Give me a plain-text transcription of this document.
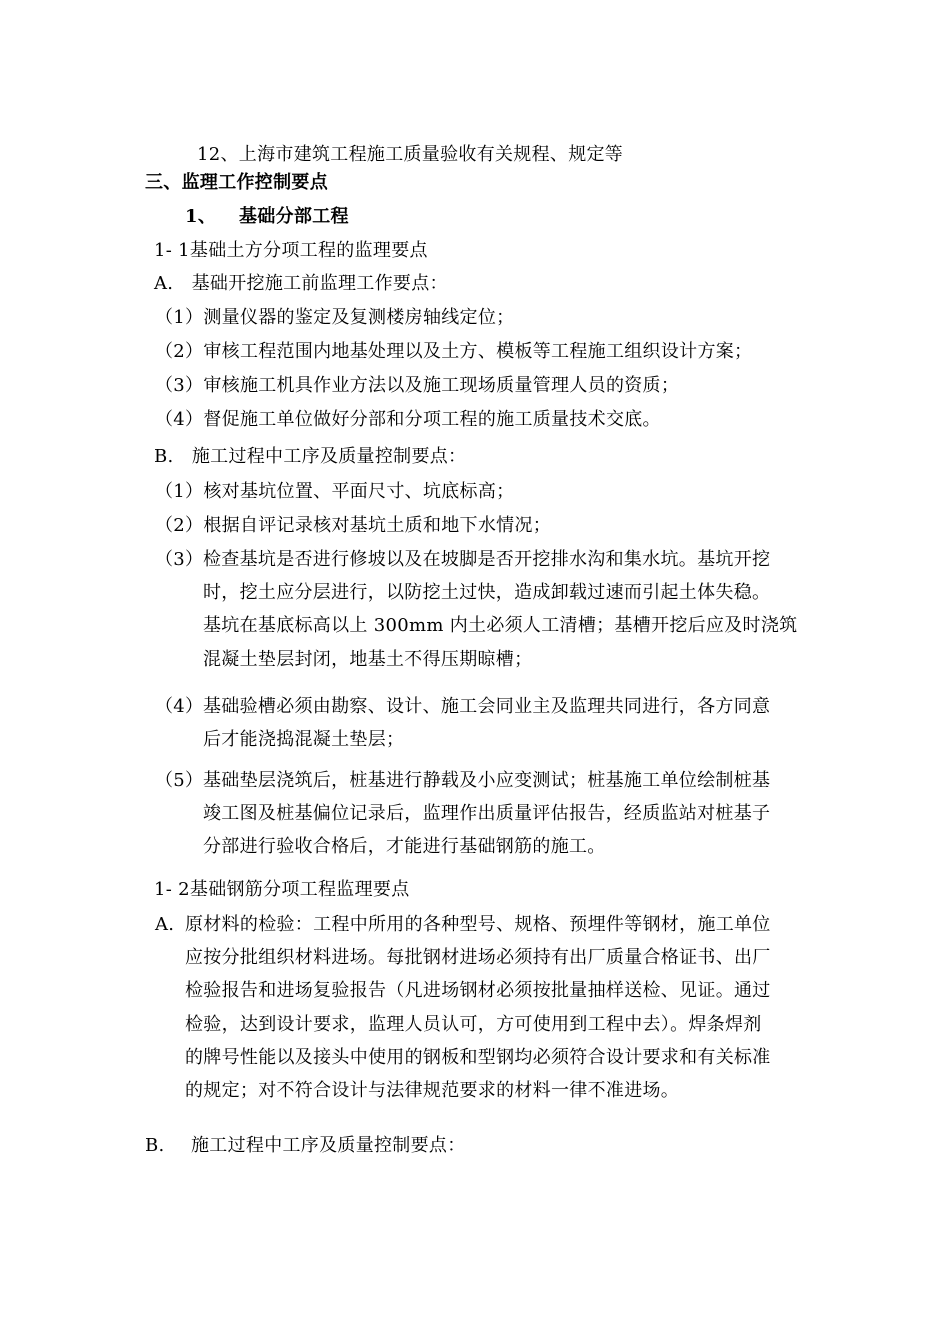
12、上海市建筑工程施工质量验收有关规程、规定等
三、监理工作控制要点
1、 基础分部工程
1- 1基础土方分项工程的监理要点
A.　基础开挖施工前监理工作要点：
（1）测量仪器的鉴定及复测楼房轴线定位；
（2）审核工程范围内地基处理以及土方、模板等工程施工组织设计方案；
（3）审核施工机具作业方法以及施工现场质量管理人员的资质；
（4）督促施工单位做好分部和分项工程的施工质量技术交底。
B.　施工过程中工序及质量控制要点：
（1）核对基坑位置、平面尺寸、坑底标高；
（2）根据自评记录核对基坑土质和地下水情况；
（3） 检查基坑是否进行修坡以及在坡脚是否开挖排水沟和集水坑。基坑开挖
时，挖土应分层进行，以防挖土过快，造成卸载过速而引起土体失稳。
基坑在基底标高以上 300mm 内土必须人工清槽；基槽开挖后应及时浇筑
混凝土垫层封闭，地基土不得压期晾槽；
（4） 基础验槽必须由勘察、设计、施工会同业主及监理共同进行，各方同意
后才能浇捣混凝土垫层；
（5） 基础垫层浇筑后，桩基进行静载及小应变测试；桩基施工单位绘制桩基
竣工图及桩基偏位记录后，监理作出质量评估报告，经质监站对桩基子
分部进行验收合格后，才能进行基础钢筋的施工。
1- 2基础钢筋分项工程监理要点
A. 原材料的检验：工程中所用的各种型号、规格、预埋件等钢材，施工单位
应按分批组织材料进场。每批钢材进场必须持有出厂质量合格证书、出厂
检验报告和进场复验报告（凡进场钢材必须按批量抽样送检、见证。通过
检验，达到设计要求，监理人员认可，方可使用到工程中去）。焊条焊剂
的牌号性能以及接头中使用的钢板和型钢均必须符合设计要求和有关标准
的规定；对不符合设计与法律规范要求的材料一律不准进场。
B. 施工过程中工序及质量控制要点：
